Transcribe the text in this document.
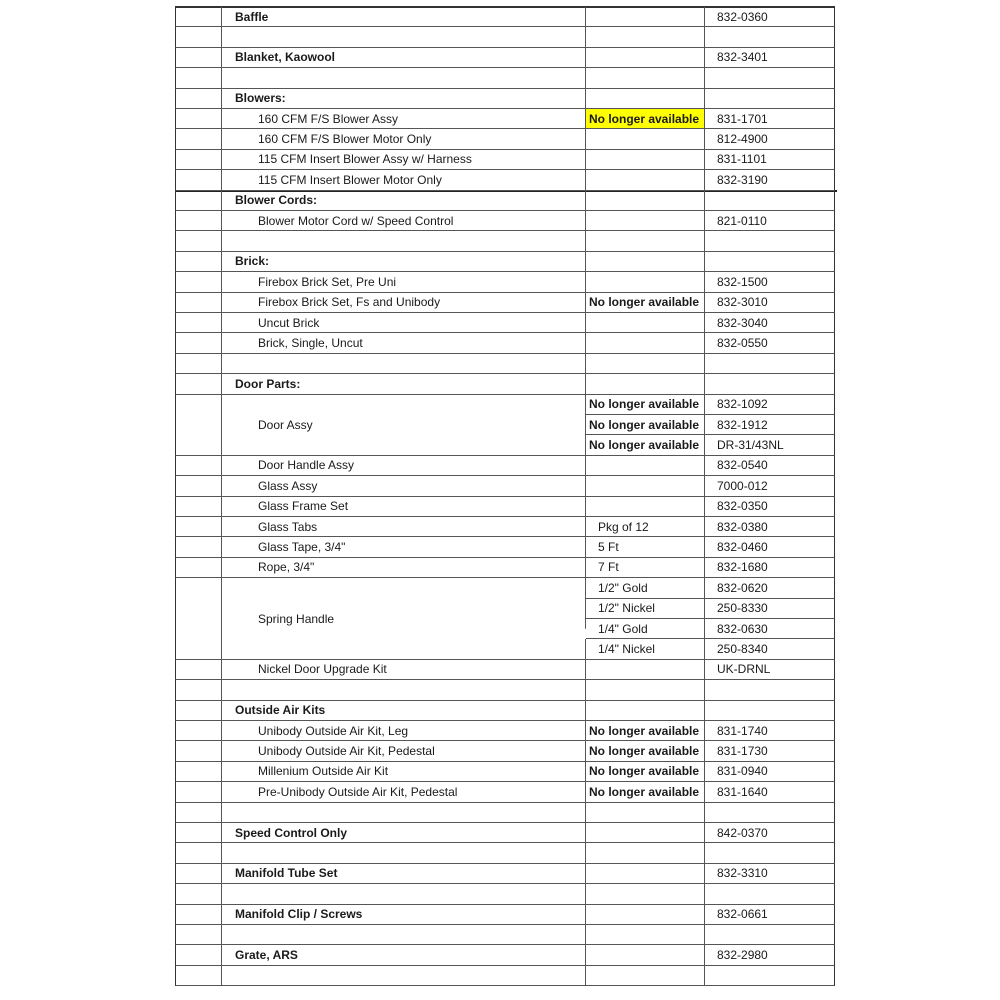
Baffle	832-0360
Blanket, Kaowool	832-3401
Blowers:
160 CFM F/S Blower Assy	No longer available	831-1701
160 CFM F/S Blower Motor Only	812-4900
115 CFM Insert Blower Assy w/ Harness	831-1101
115 CFM Insert Blower Motor Only	832-3190
Blower Cords:
Blower Motor Cord w/ Speed Control	821-0110
Brick:
Firebox Brick Set, Pre Uni	832-1500
Firebox Brick Set, Fs and Unibody	No longer available	832-3010
Uncut Brick	832-3040
Brick, Single, Uncut	832-0550
Door Parts:
No longer available	832-1092
Door Assy	No longer available	832-1912
No longer available	DR-31/43NL
Door Handle Assy	832-0540
Glass Assy	7000-012
Glass Frame Set	832-0350
Glass Tabs	Pkg of 12	832-0380
Glass Tape, 3/4"	5 Ft	832-0460
Rope, 3/4"	7 Ft	832-1680
1/2" Gold	832-0620
1/2" Nickel	250-8330
Spring Handle
1/4" Gold	832-0630
1/4" Nickel	250-8340
Nickel Door Upgrade Kit	UK-DRNL
Outside Air Kits
Unibody Outside Air Kit, Leg	No longer available	831-1740
Unibody Outside Air Kit, Pedestal	No longer available	831-1730
Millenium Outside Air Kit	No longer available	831-0940
Pre-Unibody Outside Air Kit, Pedestal	No longer available	831-1640
Speed Control Only	842-0370
Manifold Tube Set	832-3310
Manifold Clip / Screws	832-0661
Grate, ARS	832-2980
